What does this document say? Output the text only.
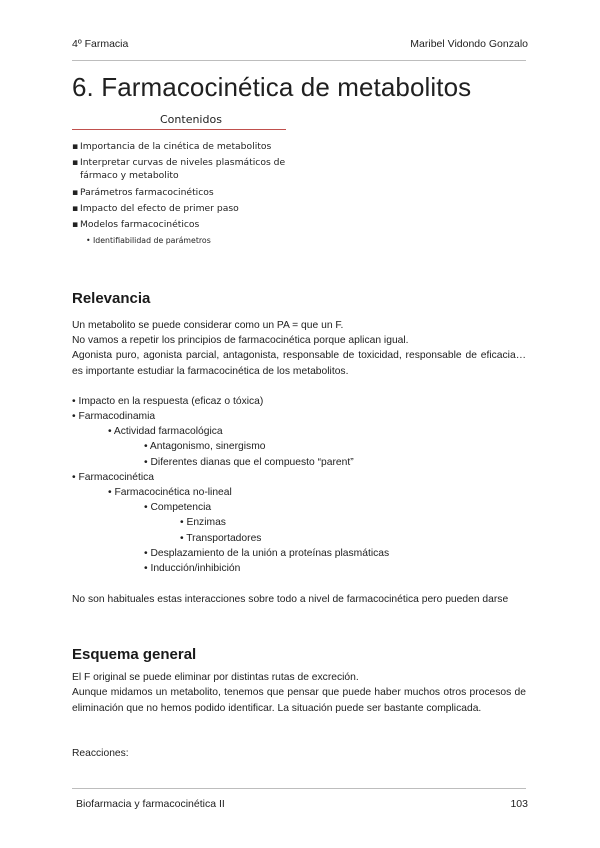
4º Farmacia	Maribel Vidondo Gonzalo
6. Farmacocinética de metabolitos
Contenidos
▪ Importancia de la cinética de metabolitos
▪ Interpretar curvas de niveles plasmáticos de
fármaco y metabolito
▪ Parámetros farmacocinéticos
▪ Impacto del efecto de primer paso
▪ Modelos farmacocinéticos
• Identifiabilidad de parámetros
Relevancia
Un metabolito se puede considerar como un PA = que un F.
No vamos a repetir los principios de farmacocinética porque aplican igual.
Agonista puro, agonista parcial, antagonista, responsable de toxicidad, responsable de eficacia… es importante estudiar la farmacocinética de los metabolitos.
• Impacto en la respuesta (eficaz o tóxica)
• Farmacodinamia
• Actividad farmacológica
• Antagonismo, sinergismo
• Diferentes dianas que el compuesto “parent”
• Farmacocinética
• Farmacocinética no-lineal
• Competencia
• Enzimas
• Transportadores
• Desplazamiento de la unión a proteínas plasmáticas
• Inducción/inhibición
No son habituales estas interacciones sobre todo a nivel de farmacocinética pero pueden darse
Esquema general
El F original se puede eliminar por distintas rutas de excreción.
Aunque midamos un metabolito, tenemos que pensar que puede haber muchos otros procesos de eliminación que no hemos podido identificar. La situación puede ser bastante complicada.
Reacciones:
Biofarmacia y farmacocinética II	103
